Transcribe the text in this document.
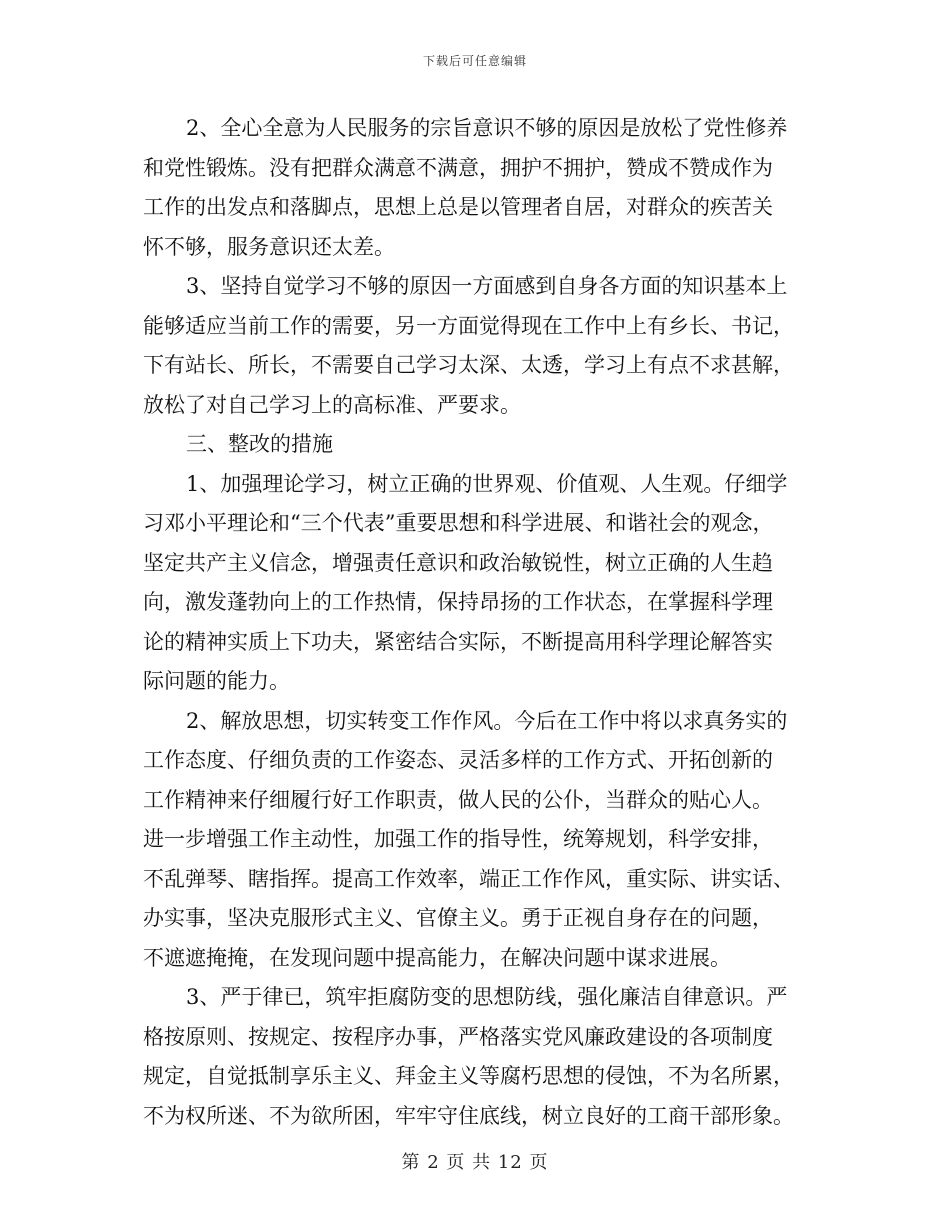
下载后可任意编辑
2、全心全意为人民服务的宗旨意识不够的原因是放松了党性修养
和党性锻炼。没有把群众满意不满意，拥护不拥护，赞成不赞成作为
工作的出发点和落脚点，思想上总是以管理者自居，对群众的疾苦关
怀不够，服务意识还太差。
3、坚持自觉学习不够的原因一方面感到自身各方面的知识基本上
能够适应当前工作的需要，另一方面觉得现在工作中上有乡长、书记，
下有站长、所长，不需要自己学习太深、太透，学习上有点不求甚解，
放松了对自己学习上的高标准、严要求。
三、整改的措施
1、加强理论学习，树立正确的世界观、价值观、人生观。仔细学
习邓小平理论和“三个代表”重要思想和科学进展、和谐社会的观念，
坚定共产主义信念，增强责任意识和政治敏锐性，树立正确的人生趋
向，激发蓬勃向上的工作热情，保持昂扬的工作状态，在掌握科学理
论的精神实质上下功夫，紧密结合实际，不断提高用科学理论解答实
际问题的能力。
2、解放思想，切实转变工作作风。今后在工作中将以求真务实的
工作态度、仔细负责的工作姿态、灵活多样的工作方式、开拓创新的
工作精神来仔细履行好工作职责，做人民的公仆，当群众的贴心人。
进一步增强工作主动性，加强工作的指导性，统筹规划，科学安排，
不乱弹琴、瞎指挥。提高工作效率，端正工作作风，重实际、讲实话、
办实事，坚决克服形式主义、官僚主义。勇于正视自身存在的问题，
不遮遮掩掩，在发现问题中提高能力，在解决问题中谋求进展。
3、严于律已，筑牢拒腐防变的思想防线，强化廉洁自律意识。严
格按原则、按规定、按程序办事，严格落实党风廉政建设的各项制度
规定，自觉抵制享乐主义、拜金主义等腐朽思想的侵蚀，不为名所累，
不为权所迷、不为欲所困，牢牢守住底线，树立良好的工商干部形象。
第 2 页 共 12 页
